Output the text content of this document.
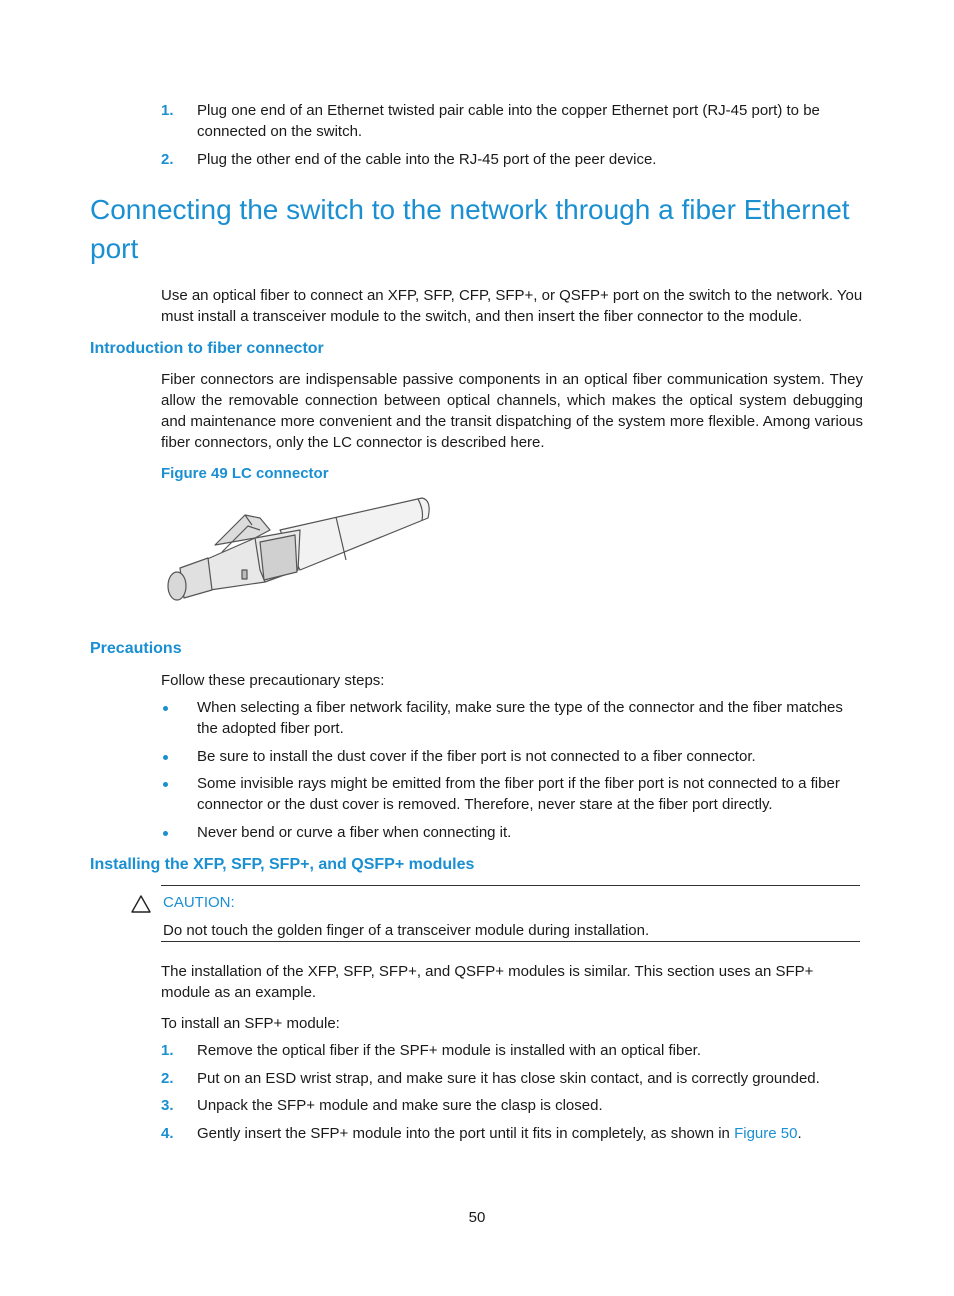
1. Plug one end of an Ethernet twisted pair cable into the copper Ethernet port (RJ-45 port) to be connected on the switch.
2. Plug the other end of the cable into the RJ-45 port of the peer device.
Connecting the switch to the network through a fiber Ethernet port
Use an optical fiber to connect an XFP, SFP, CFP, SFP+, or QSFP+ port on the switch to the network. You must install a transceiver module to the switch, and then insert the fiber connector to the module.
Introduction to fiber connector
Fiber connectors are indispensable passive components in an optical fiber communication system. They allow the removable connection between optical channels, which makes the optical system debugging and maintenance more convenient and the transit dispatching of the system more flexible. Among various fiber connectors, only the LC connector is described here.
Figure 49 LC connector
Precautions
Follow these precautionary steps:
When selecting a fiber network facility, make sure the type of the connector and the fiber matches the adopted fiber port.
Be sure to install the dust cover if the fiber port is not connected to a fiber connector.
Some invisible rays might be emitted from the fiber port if the fiber port is not connected to a fiber connector or the dust cover is removed. Therefore, never stare at the fiber port directly.
Never bend or curve a fiber when connecting it.
Installing the XFP, SFP, SFP+, and QSFP+ modules
CAUTION:
Do not touch the golden finger of a transceiver module during installation.
The installation of the XFP, SFP, SFP+, and QSFP+ modules is similar. This section uses an SFP+ module as an example.
To install an SFP+ module:
1. Remove the optical fiber if the SPF+ module is installed with an optical fiber.
2. Put on an ESD wrist strap, and make sure it has close skin contact, and is correctly grounded.
3. Unpack the SFP+ module and make sure the clasp is closed.
4. Gently insert the SFP+ module into the port until it fits in completely, as shown in Figure 50.
50
